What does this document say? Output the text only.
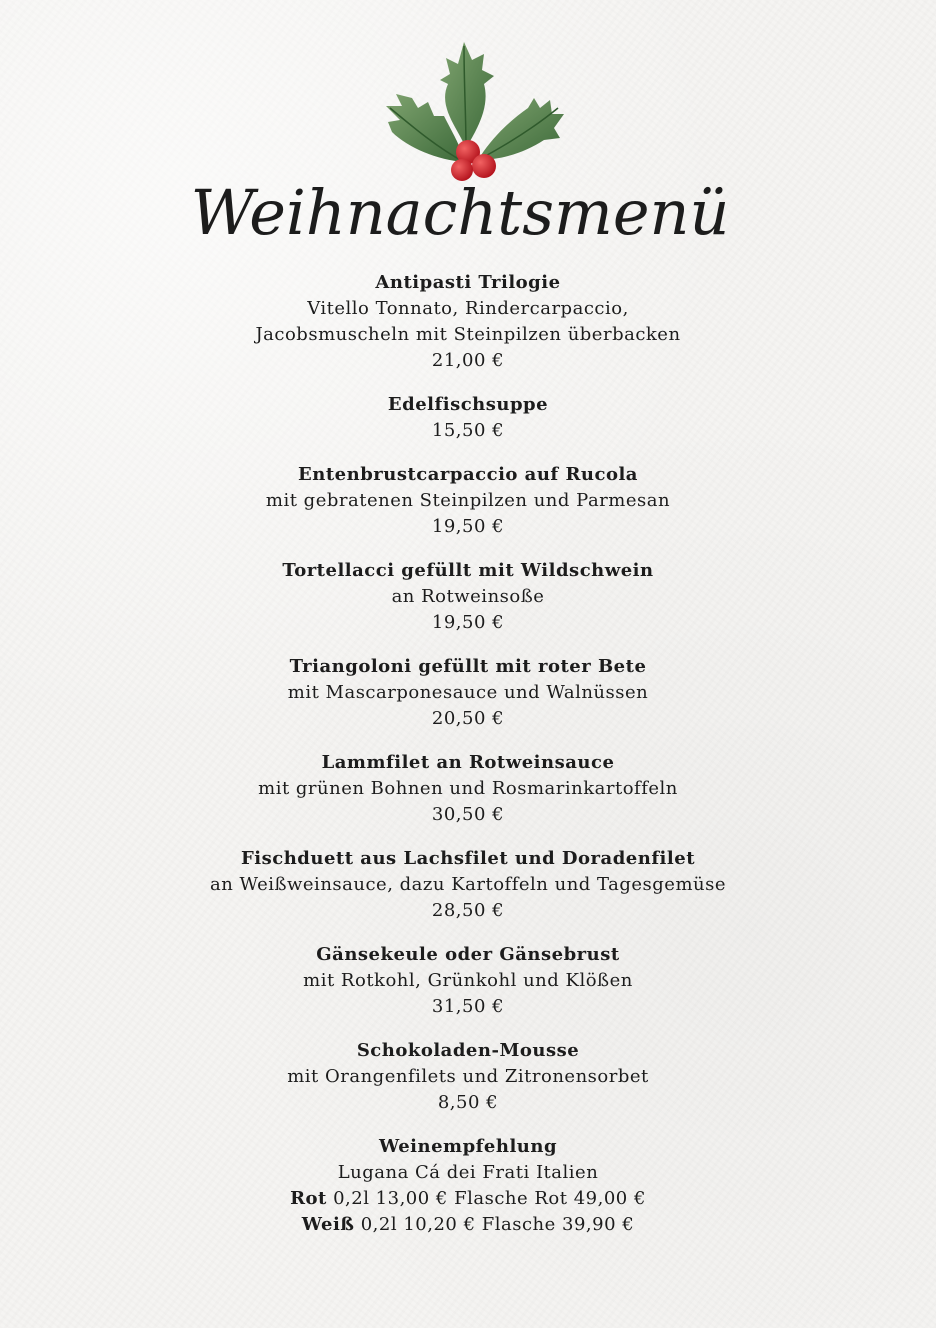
Weihnachtsmenü
Antipasti Trilogie
Vitello Tonnato, Rindercarpaccio,
Jacobsmuscheln mit Steinpilzen überbacken
21,00 €
Edelfischsuppe
15,50 €
Entenbrustcarpaccio auf Rucola
mit gebratenen Steinpilzen und Parmesan
19,50 €
Tortellacci gefüllt mit Wildschwein
an Rotweinsoße
19,50 €
Triangoloni gefüllt mit roter Bete
mit Mascarponesauce und Walnüssen
20,50 €
Lammfilet an Rotweinsauce
mit grünen Bohnen und Rosmarinkartoffeln
30,50 €
Fischduett aus Lachsfilet und Doradenfilet
an Weißweinsauce, dazu Kartoffeln und Tagesgemüse
28,50 €
Gänsekeule oder Gänsebrust
mit Rotkohl, Grünkohl und Klößen
31,50 €
Schokoladen-Mousse
mit Orangenfilets und Zitronensorbet
8,50 €
Weinempfehlung
Lugana Cá dei Frati Italien
Rot 0,2l 13,00 € Flasche Rot 49,00 €
Weiß 0,2l 10,20 € Flasche 39,90 €
